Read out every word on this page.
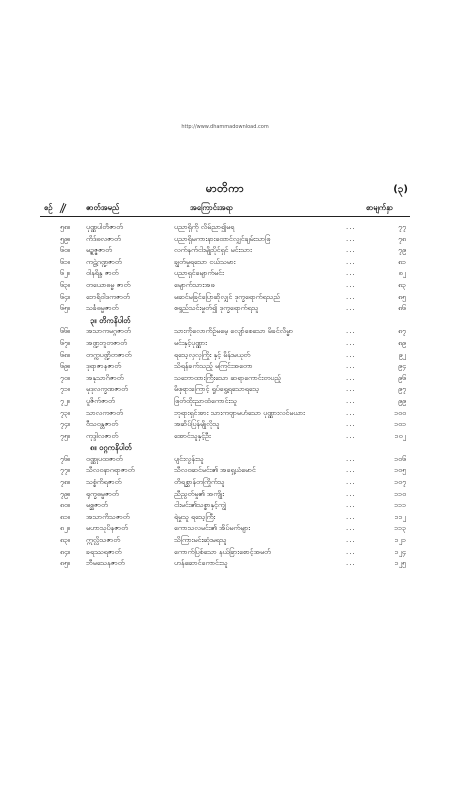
http://www.dhammadownload.com
မာတိကာ	(၃)
စဥ်	ဇာတ်အမည်	အကြောင်းအရာ	စာမျက်နှာ
၅၈။	ပုဏ္ဏပါတိဇာတ်	ပညာရှိကို လိမ်ညာ၍မရ	...	၇၇
၅၉။	ကိဒ်ဓလဇာတ်	ပညာရှိမကားနားထောင်လျှင်ချမ်းသာဖြ	...	၇၈
၆၀။	မဥ္စဇ္ဇဇာတ်	လက်နက်ငါးမျိုးပိုင်ရှင် မင်းသား	...	၇၉
၆၁။	ကဠဲ့ဂဏ္ဍဇာတ်	ချွတ်မှုရသော ငယ်သမား	...	၈၁
၆၂။	ဝါနရိန္ဒ ဇာတ်	ပညာရှင်မျောက်မင်း	...	၈၂
၆၃။	တယောဓမ္မ ဇာတ်	မျောက်သားအဖ	...	၈၃
၆၄။	ဘေရိဝါဒကဇာတ်	မဆင်မခြင်ပြောဆိုလျှင် ဒုက္ခရောက်ရသည်	...	၈၅
၆၅။	သင်္ခဓမ္မဇာတ်	စရှည်သင်းမှုတ်၍ ဒုက္ခရောက်ရသူ	...	၈၆
၃။ တိကနိပါတ်
၆၆။	အသာကမဂ္ဂဇာတ်	သားကိုလောကိဉ်မမေ့ လျော်စေသော မိခင်လိမ္မာ	...	၈၇
၆၇။	အဏ္ဍဘူတဇာတ်	မင်းနှင့်ပုဏ္ဏား	...	၈၉
၆၈။	တက္ကပဏ္ဍိတဇာတ်	ရသေ့လှလှကြိုး နှင့် မိန်းမယုတ်	...	၉၂
၆၉။	ဒုရာဇာနဇာတ်	သိရန်ခက်သည့် မကြင်းအတော	...	၉၄
၇၀။	အနုသာဂိဇာတ်	သဘောထားကြီးသော ဆရာကောင်းတပည့်	...	၉၆
၇၁။	မုဒုလက္ခဏဇာတ်	မိဖုရားကြောင့် ရှုပ်ရွေ့ရသောရသေ့	...	၉၇
၇၂။	ပူဇိက်ဇာတ်	ဖြတ်ထိုးညာထံကောင်းသူ	...	၉၉
၇၃။	သာလကဇာတ်	ဘုရားရှင်အား သားကဗျာမဟံသော ပုဏ္ဏားလင်မယား	...	၁၀၀
၇၄။	ဝီသဝန္တဇာတ်	အဆိပ်ပြန်မျိုလိုသူ	...	၁၀၁
၇၅။	ကုဒ္ဒါလဇာတ်	အောင်သူနှင့်ဦး	...	၁၀၂
၈။ ဝဂ္ဂကနိပါတ်
၇၆။	ဝဏ္ဏုပထဇာတ်	ပျင်းလွန်းသူ	...	၁၀၆
၇၇။	သီလဝနာဂရာဇာတ်	သီလဝဆင်မင်း၏ အရှေ့ယံမောင်	...	၁၀၅
၇၈။	သစ္စံကိရဇာတ်	တိရစ္ဆာန်တကြိုက်သူ	...	၁၀၇
၇၉။	ရုက္ခဓမ္မဇာတ်	ညီညွတ်မှု၏ အကျိုး	...	၁၁၀
၈၀။	မစ္ဆဇာတ်	ငါးမင်း၏သစ္စာနှင့်ကျွဲ	...	၁၁၁
၈၁။	အသာကိသဇာတ်	ရဲမှုသူ ရသေ့ကြီး	...	၁၁၂
၈၂။	မဟာသုပိနဇာတ်	ကောသလမင်း၏ အိပ်မက်များ	...	၁၁၃
၈၃။	ဣလ္လိသဇာတ်	သိကြားမင်းဆုံးမရသူ	...	၁၂၁
၈၄။	ခရဿရဇာတ်	ကောက်ပြစ်သော နယ်ခြားစောင့်အမတ်	...	၁၂၄
၈၅။	ဘီမသေနဇာတ်	ဟန်ဆောင်ကောင်းသူ	...	၁၂၅
